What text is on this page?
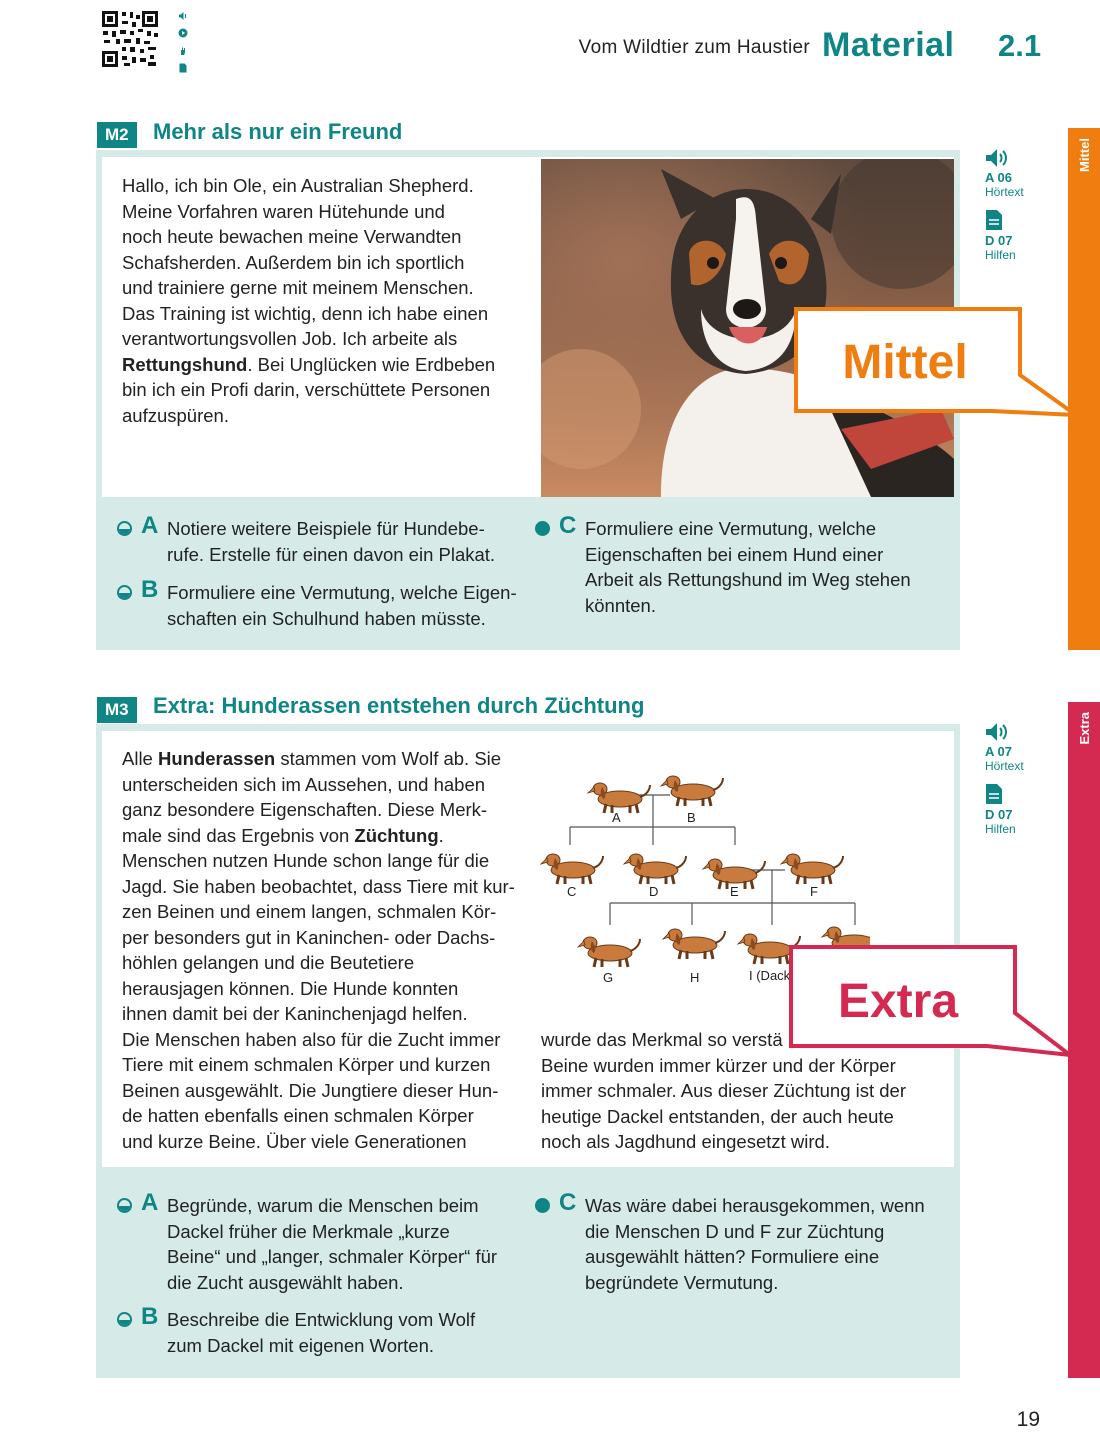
Vom Wildtier zum Haustier Material 2.1
M2	Mehr als nur ein Freund
Hallo, ich bin Ole, ein Australian Shepherd.
Meine Vorfahren waren Hütehunde und
noch heute bewachen meine Verwandten
Schafsherden. Außerdem bin ich sportlich
und trainiere gerne mit meinem Menschen.
Das Training ist wichtig, denn ich habe einen
verantwortungsvollen Job. Ich arbeite als
Rettungshund. Bei Unglücken wie Erdbeben
bin ich ein Profi darin, verschüttete Personen
aufzuspüren.
Mittel
A Notiere weitere Beispiele für Hundebe-
rufe. Erstelle für einen davon ein Plakat.
B Formuliere eine Vermutung, welche Eigen-
schaften ein Schulhund haben müsste.
C Formuliere eine Vermutung, welche
Eigenschaften bei einem Hund einer
Arbeit als Rettungshund im Weg stehen
könnten.
A 06
Hörtext
D 07
Hilfen
Mittel
M3	Extra: Hunderassen entstehen durch Züchtung
Alle Hunderassen stammen vom Wolf ab. Sie
unterscheiden sich im Aussehen, und haben
ganz besondere Eigenschaften. Diese Merk-
male sind das Ergebnis von Züchtung.
Menschen nutzen Hunde schon lange für die
Jagd. Sie haben beobachtet, dass Tiere mit kur-
zen Beinen und einem langen, schmalen Kör-
per besonders gut in Kaninchen- oder Dachs-
höhlen gelangen und die Beutetiere
herausjagen können. Die Hunde konnten
ihnen damit bei der Kaninchenjagd helfen.
Die Menschen haben also für die Zucht immer
Tiere mit einem schmalen Körper und kurzen
Beinen ausgewählt. Die Jungtiere dieser Hun-
de hatten ebenfalls einen schmalen Körper
und kurze Beine. Über viele Generationen
A	B
C	D	E	F
G	H	I (Dack
wurde das Merkmal so verstä
Beine wurden immer kürzer und der Körper
immer schmaler. Aus dieser Züchtung ist der
heutige Dackel entstanden, der auch heute
noch als Jagdhund eingesetzt wird.
Extra
A Begründe, warum die Menschen beim
Dackel früher die Merkmale „kurze
Beine“ und „langer, schmaler Körper“ für
die Zucht ausgewählt haben.
B Beschreibe die Entwicklung vom Wolf
zum Dackel mit eigenen Worten.
C Was wäre dabei herausgekommen, wenn
die Menschen D und F zur Züchtung
ausgewählt hätten? Formuliere eine
begründete Vermutung.
A 07
Hörtext
D 07
Hilfen
Extra
19
